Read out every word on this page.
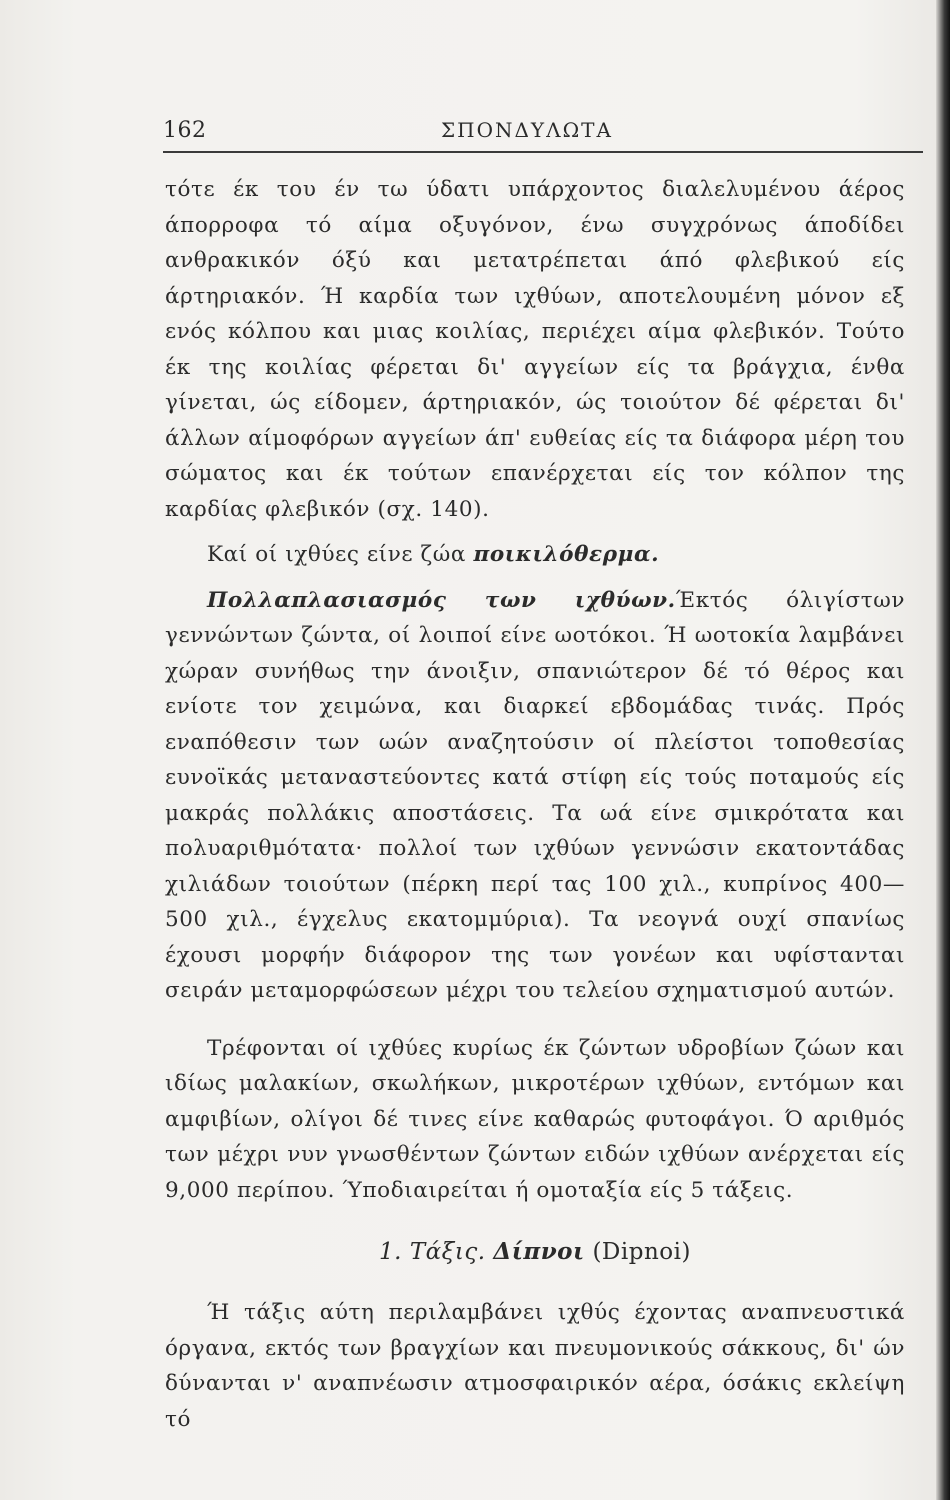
162	ΣΠΟΝΔΥΛΩΤΑ

τότε έκ του έν τω ύδατι υπάρχοντος διαλελυμένου άέρος άπορροφα τό αίμα οξυγόνον, ένω συγχρόνως άποδίδει ανθρακικόν όξύ και μετατρέπεται άπό φλεβικού είς άρτηριακόν. Ή καρδία των ιχθύων, αποτελουμένη μόνον εξ ενός κόλπου και μιας κοιλίας, περιέχει αίμα φλεβικόν. Τούτο έκ της κοιλίας φέρεται δι' αγγείων είς τα βράγχια, ένθα γίνεται, ώς είδομεν, άρτηριακόν, ώς τοιούτον δέ φέρεται δι' άλλων αίμοφόρων αγγείων άπ' ευθείας είς τα διάφορα μέρη του σώματος και έκ τούτων επανέρχεται είς τον κόλπον της καρδίας φλεβικόν (σχ. 140).

Καί οί ιχθύες είνε ζώα ποικιλόθερμα.

Πολλαπλασιασμός των ιχθύων.Έκτός όλιγίστων γεννώντων ζώντα, οί λοιποί είνε ωοτόκοι. Ή ωοτοκία λαμβάνει χώραν συνήθως την άνοιξιν, σπανιώτερον δέ τό θέρος και ενίοτε τον χειμώνα, και διαρκεί εβδομάδας τινάς. Πρός εναπόθεσιν των ωών αναζητούσιν οί πλείστοι τοποθεσίας ευνοϊκάς μεταναστεύοντες κατά στίφη είς τούς ποταμούς είς μακράς πολλάκις αποστάσεις. Τα ωά είνε σμικρότατα και πολυαριθμότατα· πολλοί των ιχθύων γεννώσιν εκατοντάδας χιλιάδων τοιούτων (πέρκη περί τας 100 χιλ., κυπρίνος 400—500 χιλ., έγχελυς εκατομμύρια). Τα νεογνά ουχί σπανίως έχουσι μορφήν διάφορον της των γονέων και υφίστανται σειράν μεταμορφώσεων μέχρι του τελείου σχηματισμού αυτών.

Τρέφονται οί ιχθύες κυρίως έκ ζώντων υδροβίων ζώων και ιδίως μαλακίων, σκωλήκων, μικροτέρων ιχθύων, εντόμων και αμφιβίων, ολίγοι δέ τινες είνε καθαρώς φυτοφάγοι. Ό αριθμός των μέχρι νυν γνωσθέντων ζώντων ειδών ιχθύων ανέρχεται είς 9,000 περίπου. Ύποδιαιρείται ή ομοταξία είς 5 τάξεις.

1. Τάξις. Δίπνοι (Dipnoi)

Ή τάξις αύτη περιλαμβάνει ιχθύς έχοντας αναπνευστικά όργανα, εκτός των βραγχίων και πνευμονικούς σάκκους, δι' ών δύνανται ν' αναπνέωσιν ατμοσφαιρικόν αέρα, όσάκις εκλείψη τό
